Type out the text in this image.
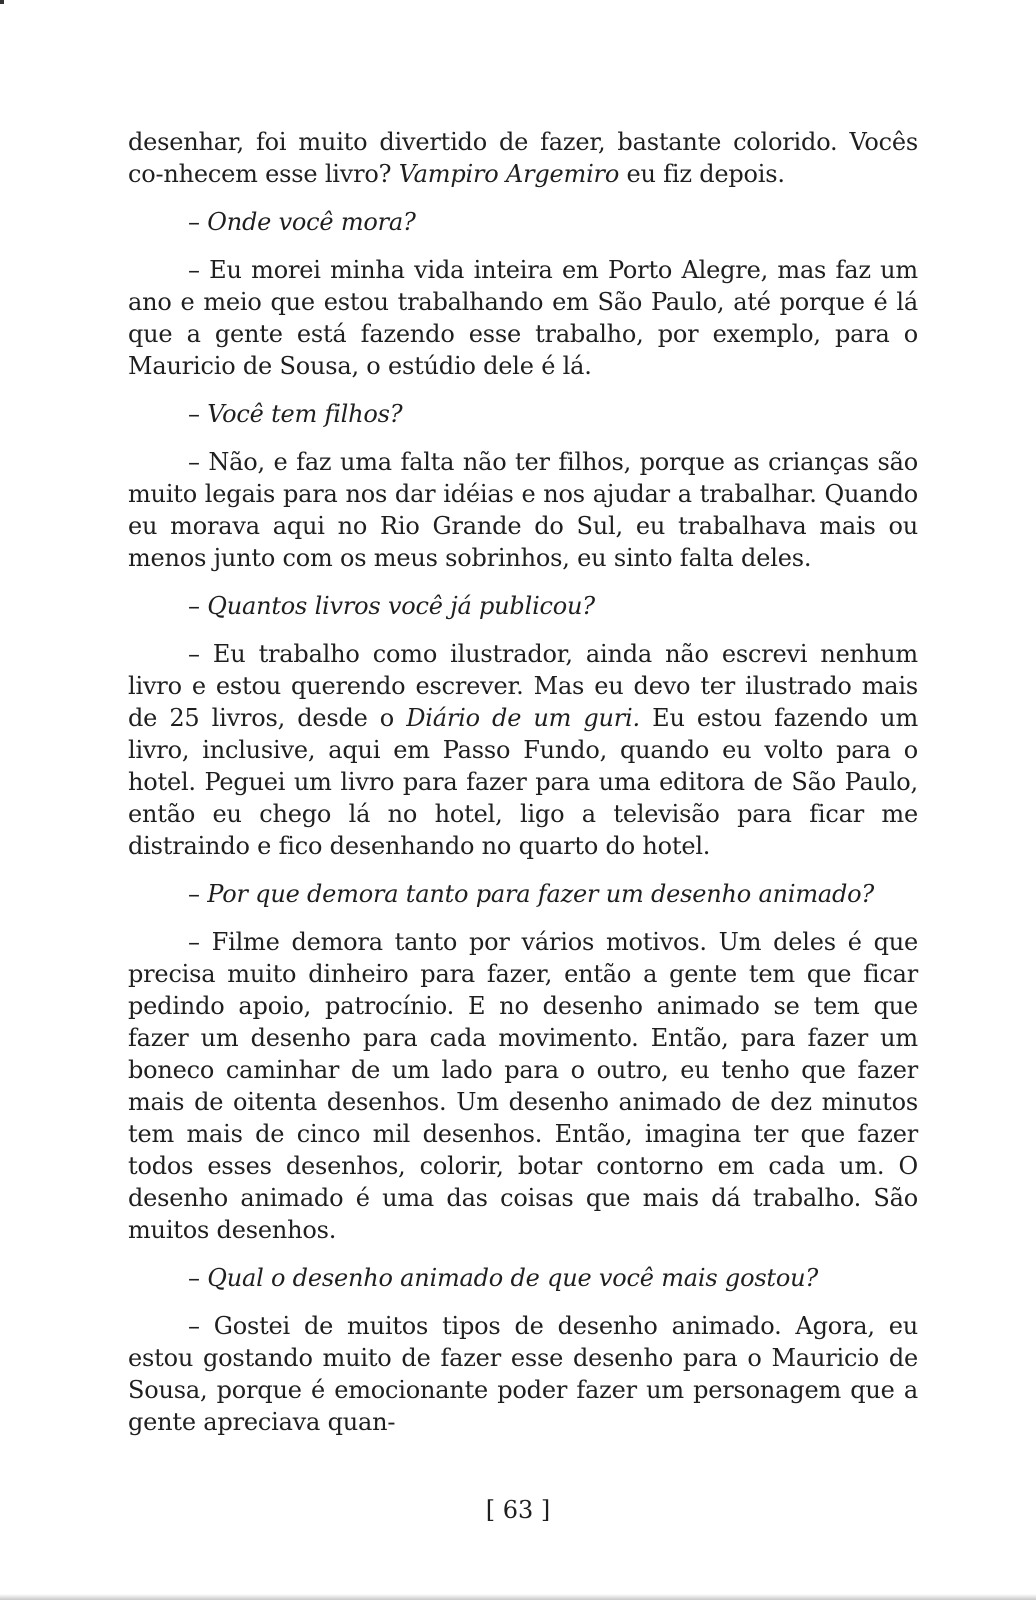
desenhar, foi muito divertido de fazer, bastante colorido. Vocês co-nhecem esse livro? Vampiro Argemiro eu fiz depois.

– Onde você mora?

– Eu morei minha vida inteira em Porto Alegre, mas faz um ano e meio que estou trabalhando em São Paulo, até porque é lá que a gente está fazendo esse trabalho, por exemplo, para o Mauricio de Sousa, o estúdio dele é lá.

– Você tem filhos?

– Não, e faz uma falta não ter filhos, porque as crianças são muito legais para nos dar idéias e nos ajudar a trabalhar. Quando eu morava aqui no Rio Grande do Sul, eu trabalhava mais ou menos junto com os meus sobrinhos, eu sinto falta deles.

– Quantos livros você já publicou?

– Eu trabalho como ilustrador, ainda não escrevi nenhum livro e estou querendo escrever. Mas eu devo ter ilustrado mais de 25 livros, desde o Diário de um guri. Eu estou fazendo um livro, inclusive, aqui em Passo Fundo, quando eu volto para o hotel. Peguei um livro para fazer para uma editora de São Paulo, então eu chego lá no hotel, ligo a televisão para ficar me distraindo e fico desenhando no quarto do hotel.

– Por que demora tanto para fazer um desenho animado?

– Filme demora tanto por vários motivos. Um deles é que precisa muito dinheiro para fazer, então a gente tem que ficar pedindo apoio, patrocínio. E no desenho animado se tem que fazer um desenho para cada movimento. Então, para fazer um boneco caminhar de um lado para o outro, eu tenho que fazer mais de oitenta desenhos. Um desenho animado de dez minutos tem mais de cinco mil desenhos. Então, imagina ter que fazer todos esses desenhos, colorir, botar contorno em cada um. O desenho animado é uma das coisas que mais dá trabalho. São muitos desenhos.

– Qual o desenho animado de que você mais gostou?

– Gostei de muitos tipos de desenho animado. Agora, eu estou gostando muito de fazer esse desenho para o Mauricio de Sousa, porque é emocionante poder fazer um personagem que a gente apreciava quan-

[ 63 ]
